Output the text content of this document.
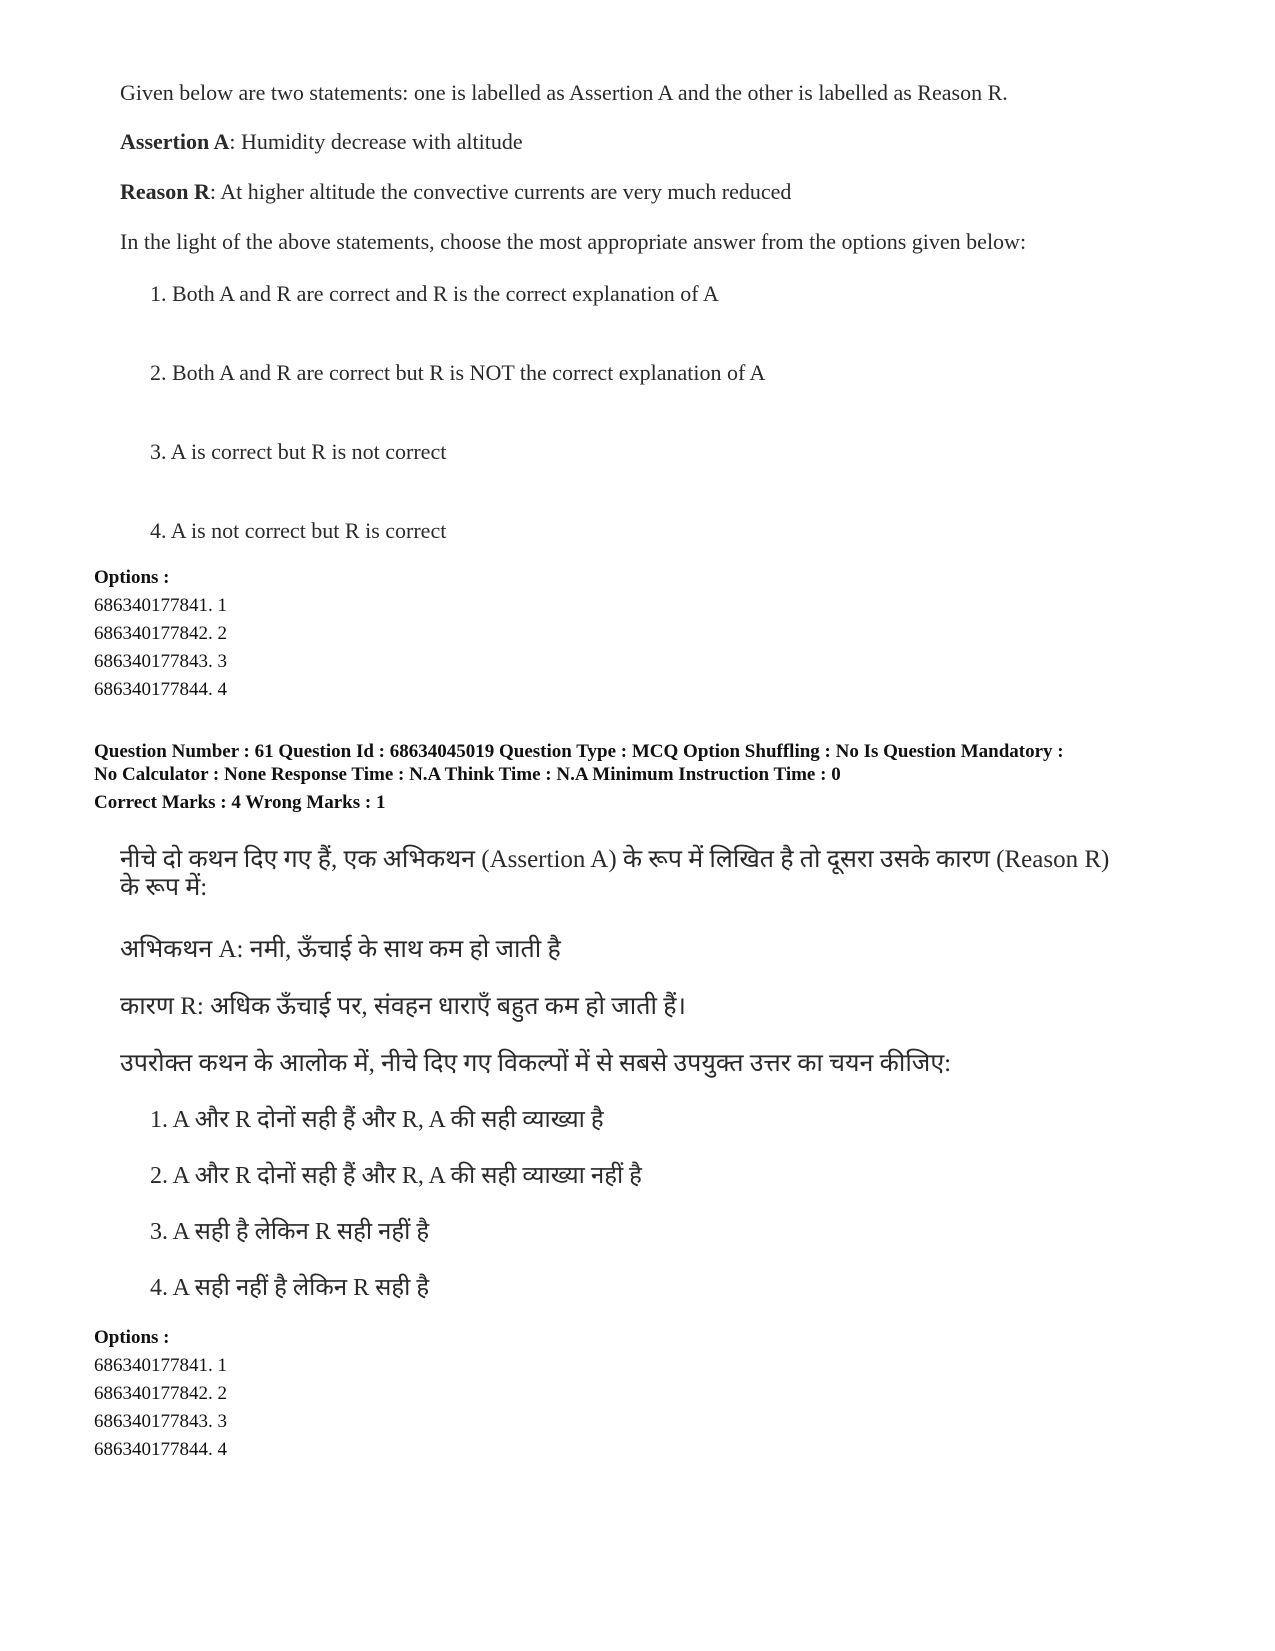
Given below are two statements: one is labelled as Assertion A and the other is labelled as Reason R.
Assertion A: Humidity decrease with altitude
Reason R: At higher altitude the convective currents are very much reduced
In the light of the above statements, choose the most appropriate answer from the options given below:
1. Both A and R are correct and R is the correct explanation of A
2. Both A and R are correct but R is NOT the correct explanation of A
3. A is correct but R is not correct
4. A is not correct but R is correct
Options :
686340177841. 1
686340177842. 2
686340177843. 3
686340177844. 4
Question Number : 61 Question Id : 68634045019 Question Type : MCQ Option Shuffling : No Is Question Mandatory :
No Calculator : None Response Time : N.A Think Time : N.A Minimum Instruction Time : 0
Correct Marks : 4 Wrong Marks : 1
नीचे दो कथन दिए गए हैं, एक अभिकथन (Assertion A) के रूप में लिखित है तो दूसरा उसके कारण (Reason R) के रूप में:
अभिकथन A: नमी, ऊँचाई के साथ कम हो जाती है
कारण R: अधिक ऊँचाई पर, संवहन धाराएँ बहुत कम हो जाती हैं।
उपरोक्त कथन के आलोक में, नीचे दिए गए विकल्पों में से सबसे उपयुक्त उत्तर का चयन कीजिए:
1. A और R दोनों सही हैं और R, A की सही व्याख्या है
2. A और R दोनों सही हैं और R, A की सही व्याख्या नहीं है
3. A सही है लेकिन R सही नहीं है
4. A सही नहीं है लेकिन R सही है
Options :
686340177841. 1
686340177842. 2
686340177843. 3
686340177844. 4
